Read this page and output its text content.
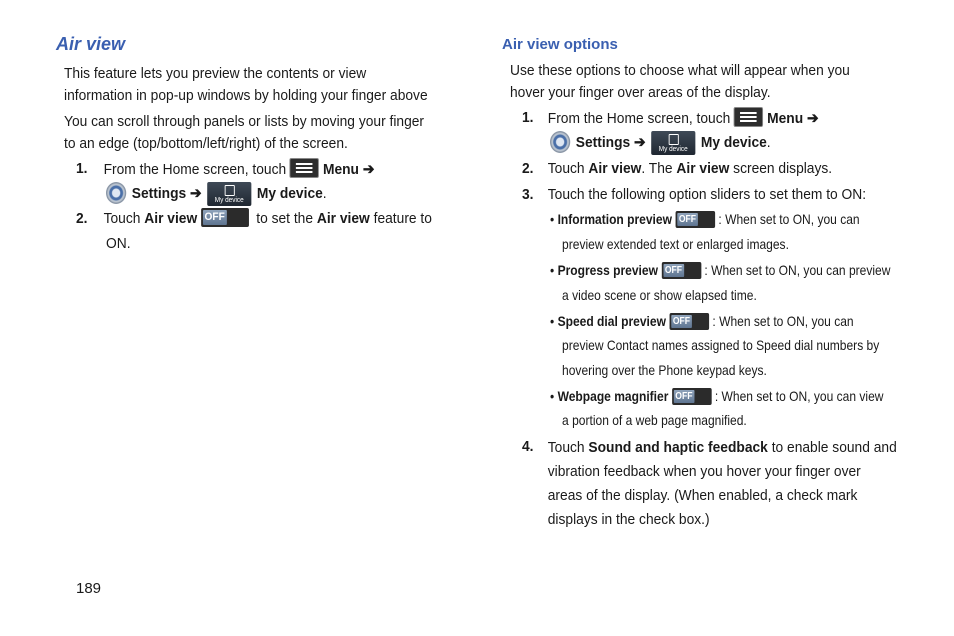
Air view
This feature lets you preview the contents or view
information in pop-up windows by holding your finger above
You can scroll through panels or lists by moving your finger
to an edge (top/bottom/left/right) of the screen.
1. From the Home screen, touch Menu ➔
Settings ➔	My device My device.
2. Touch Air view OFF to set the Air view feature to
ON.
189
Air view options
Use these options to choose what will appear when you
hover your finger over areas of the display.
1. From the Home screen, touch Menu ➔
Settings ➔	My device My device.
2. Touch Air view. The Air view screen displays.
3. Touch the following option sliders to set them to ON:
• Information preview OFF : When set to ON, you can
preview extended text or enlarged images.
• Progress preview OFF : When set to ON, you can preview
a video scene or show elapsed time.
• Speed dial preview OFF : When set to ON, you can
preview Contact names assigned to Speed dial numbers by
hovering over the Phone keypad keys.
• Webpage magnifier OFF : When set to ON, you can view
a portion of a web page magnified.
4. Touch Sound and haptic feedback to enable sound and
vibration feedback when you hover your finger over
areas of the display. (When enabled, a check mark
displays in the check box.)
